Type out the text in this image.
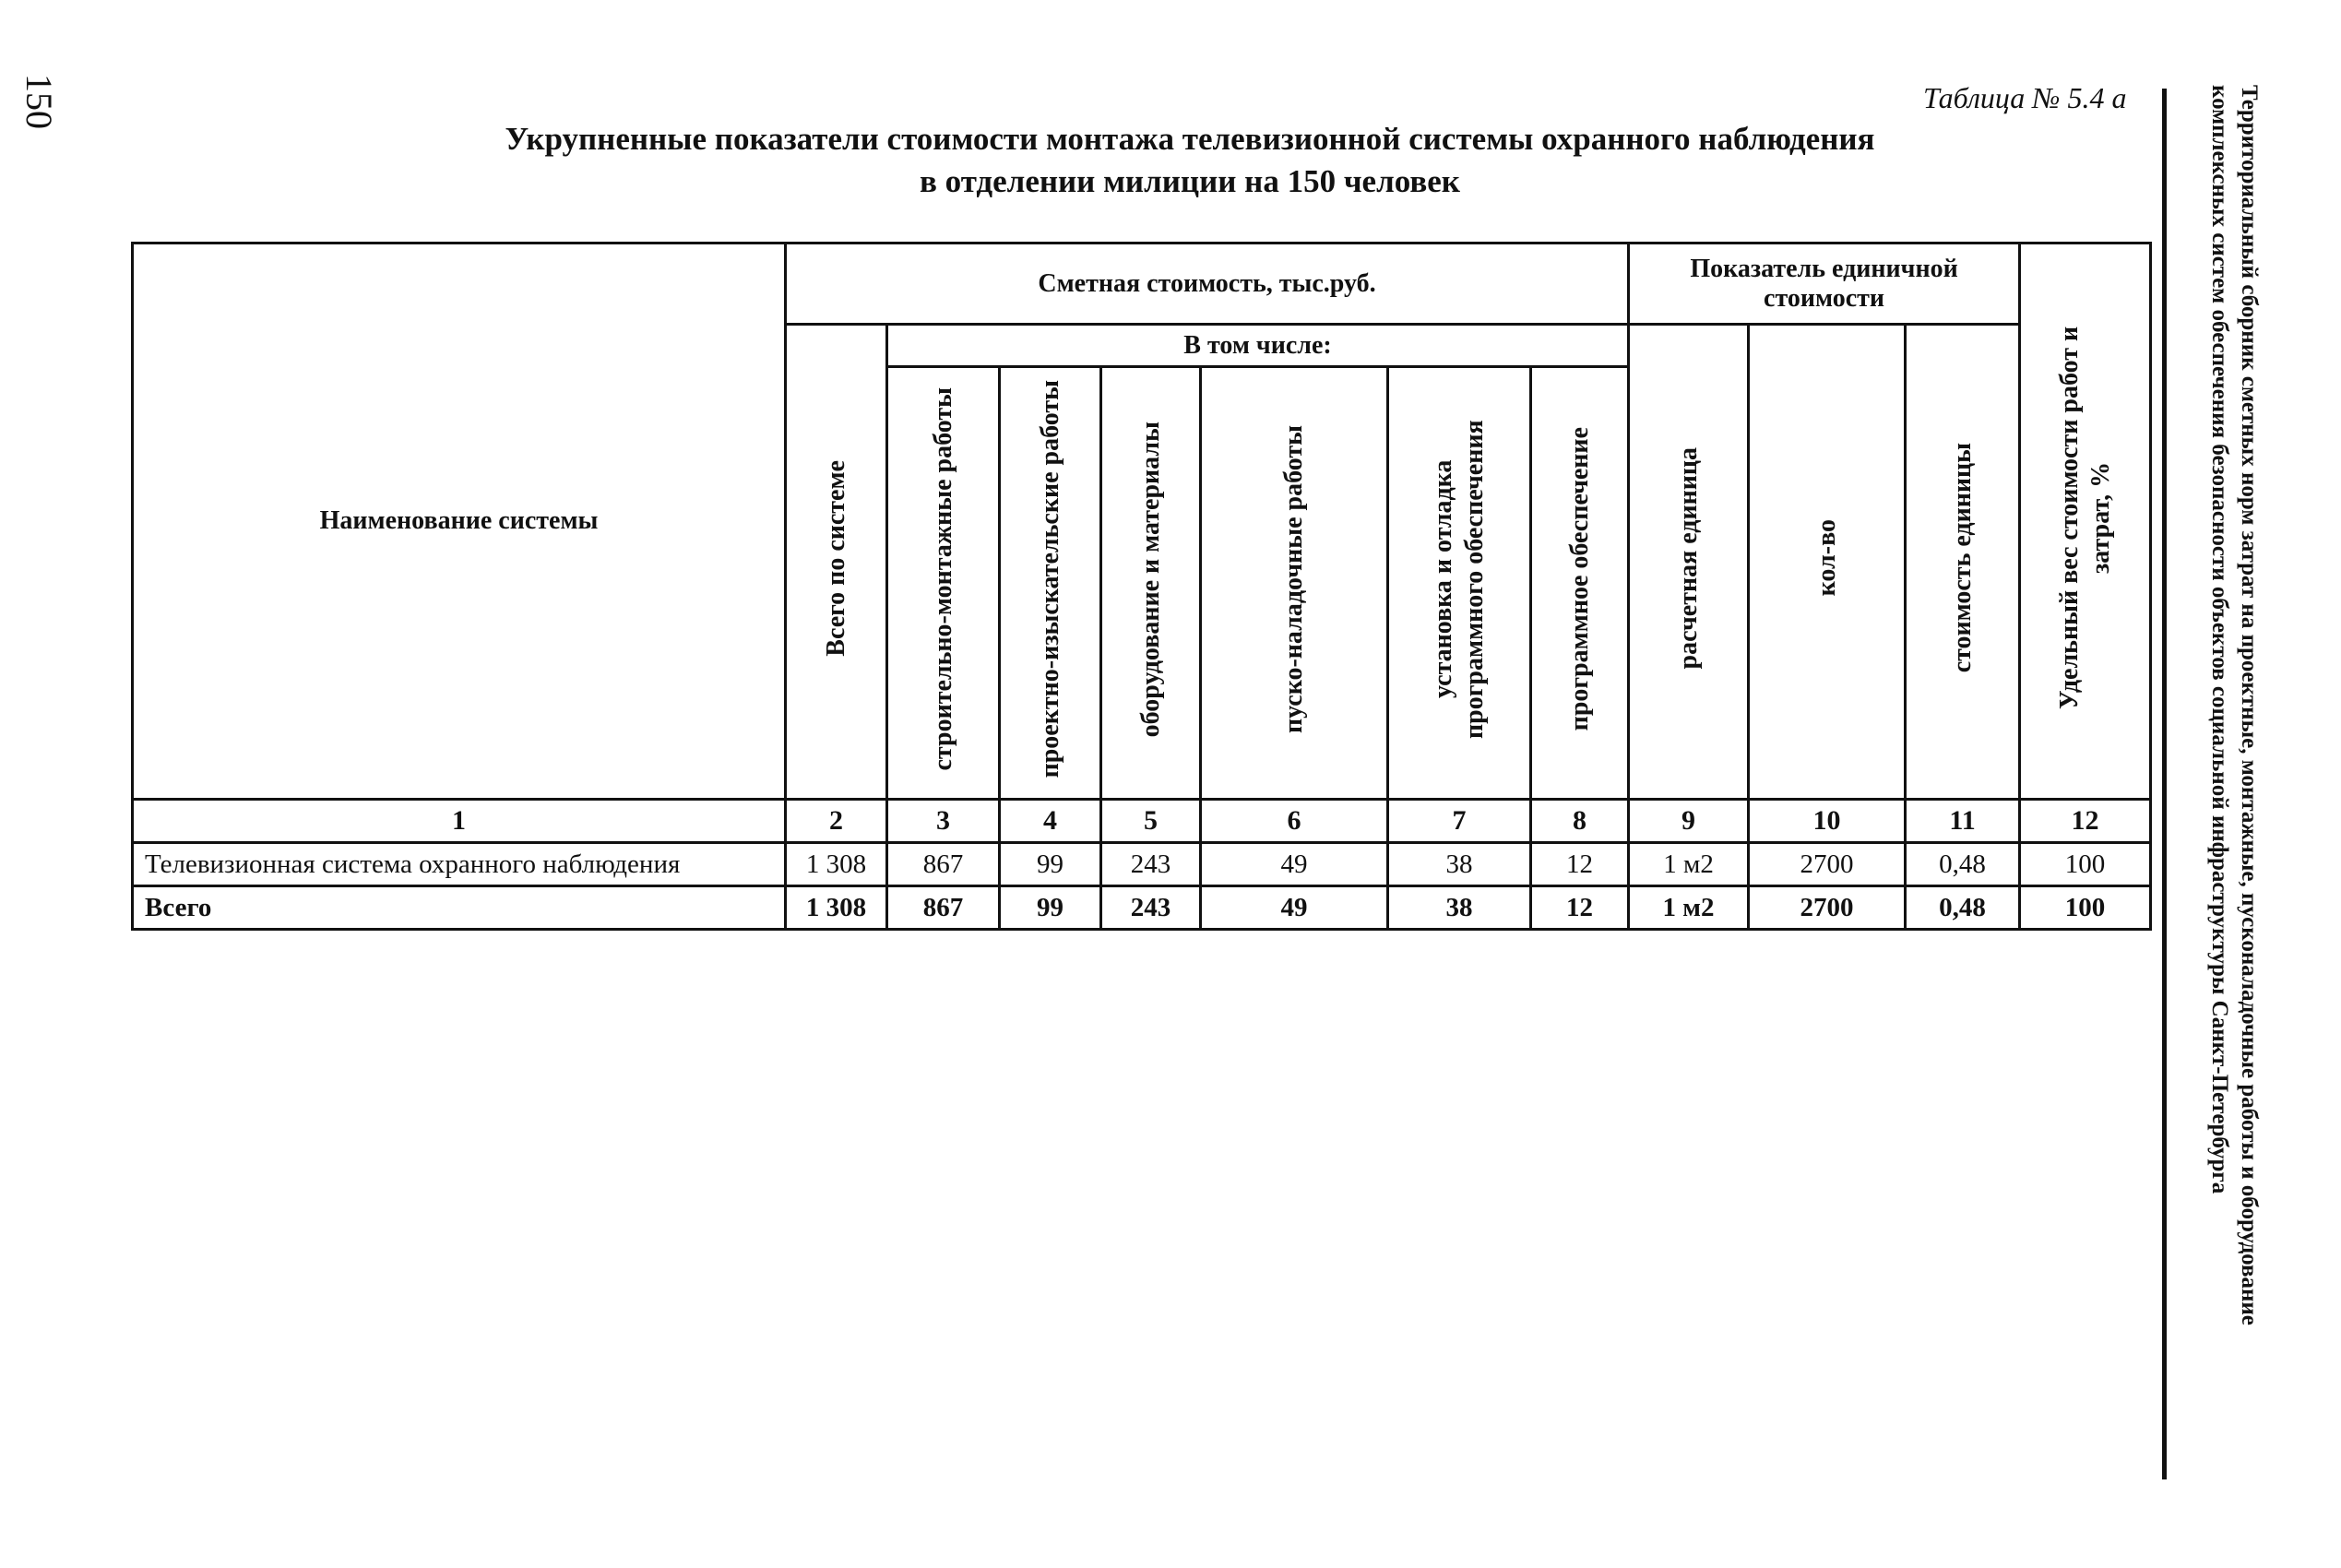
150	Таблица № 5.4 а
Укрупненные показатели стоимости монтажа телевизионной системы охранного наблюдения
в отделении милиции на 150 человек	Территориальный сборник сметных норм затрат на проектные, монтажные, пусконаладочные работы и оборудование
комплексных систем обеспечения безопасности объектов социальной инфраструктуры Санкт-Петербурга
Наименование системы	Сметная стоимость, тыс.руб.							Показатель единичной стоимости			Удельный вес стоимости работ и затрат, %
	Всего по системе	В том числе:						расчетная единица	кол-во	стоимость единицы	
		строительно-монтажные работы	проектно-изыскательские работы	оборудование и материалы	пуско-наладочные работы	установка и отладка программного обеспечения	программное обеспечение				
1	2	3	4	5	6	7	8	9	10	11	12
Телевизионная система охранного наблюдения	1 308	867	99	243	49	38	12	1 м2	2700	0,48	100
Всего	1 308	867	99	243	49	38	12	1 м2	2700	0,48	100
